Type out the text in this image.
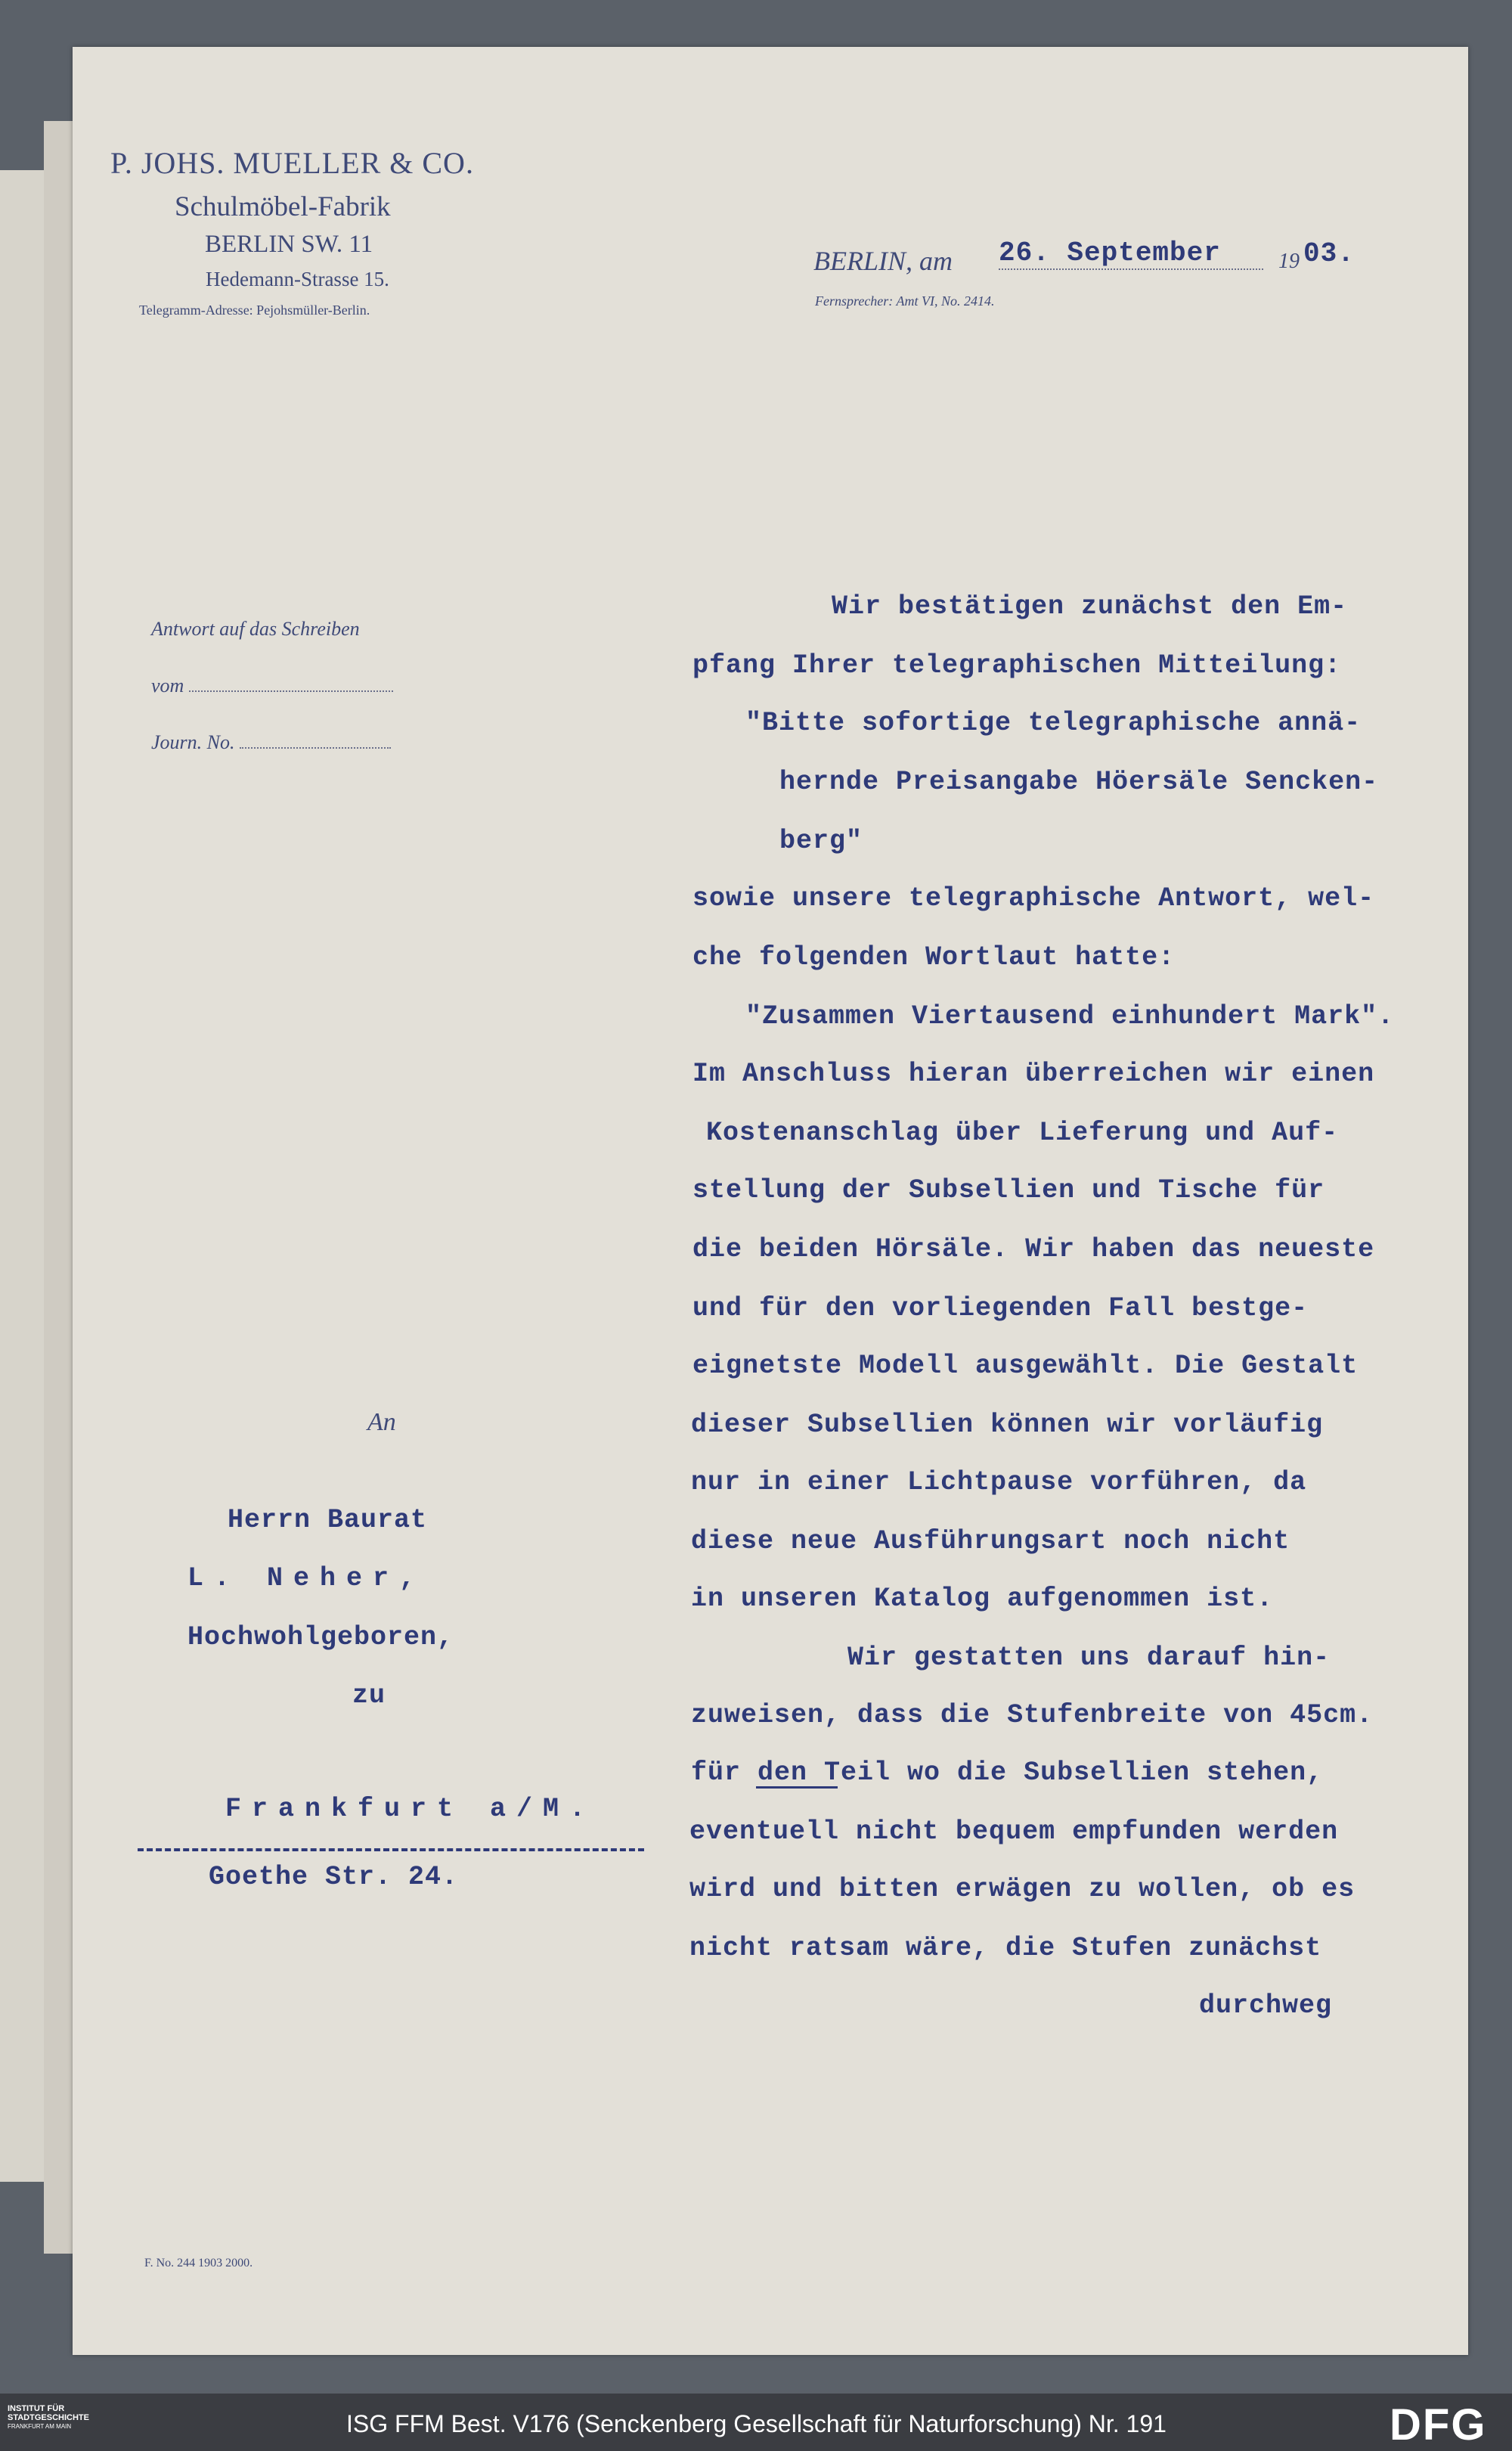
P. JOHS. MUELLER & CO.
Schulmöbel-Fabrik
BERLIN SW. 11
Hedemann-Strasse 15.
Telegramm-Adresse: Pejohsmüller-Berlin.
BERLIN, am 26. September	19 03.
Fernsprecher: Amt VI, No. 2414.
Antwort auf das Schreiben
vom
Journ. No.
An
Herrn Baurat
L. Neher,
Hochwohlgeboren,
zu
Frankfurt a/M.
Goethe Str. 24.
Wir bestätigen zunächst den Em-
pfang Ihrer telegraphischen Mitteilung:
"Bitte sofortige telegraphische annä-
hernde Preisangabe Höersäle Sencken-
berg"
sowie unsere telegraphische Antwort, wel-
che folgenden Wortlaut hatte:
"Zusammen Viertausend einhundert Mark".
Im Anschluss hieran überreichen wir einen
Kostenanschlag über Lieferung und Auf-
stellung der Subsellien und Tische für
die beiden Hörsäle. Wir haben das neueste
und für den vorliegenden Fall bestge-
eignetste Modell ausgewählt. Die Gestalt
dieser Subsellien können wir vorläufig
nur in einer Lichtpause vorführen, da
diese neue Ausführungsart noch nicht
in unseren Katalog aufgenommen ist.
Wir gestatten uns darauf hin-
zuweisen, dass die Stufenbreite von 45cm.
für den Teil wo die Subsellien stehen,
eventuell nicht bequem empfunden werden
wird und bitten erwägen zu wollen, ob es
nicht ratsam wäre, die Stufen zunächst
durchweg
F. No. 244 1903 2000.
INSTITUT FÜR
STADTGESCHICHTE
FRANKFURT AM MAIN	ISG FFM Best. V176 (Senckenberg Gesellschaft für Naturforschung) Nr. 191	DFG
